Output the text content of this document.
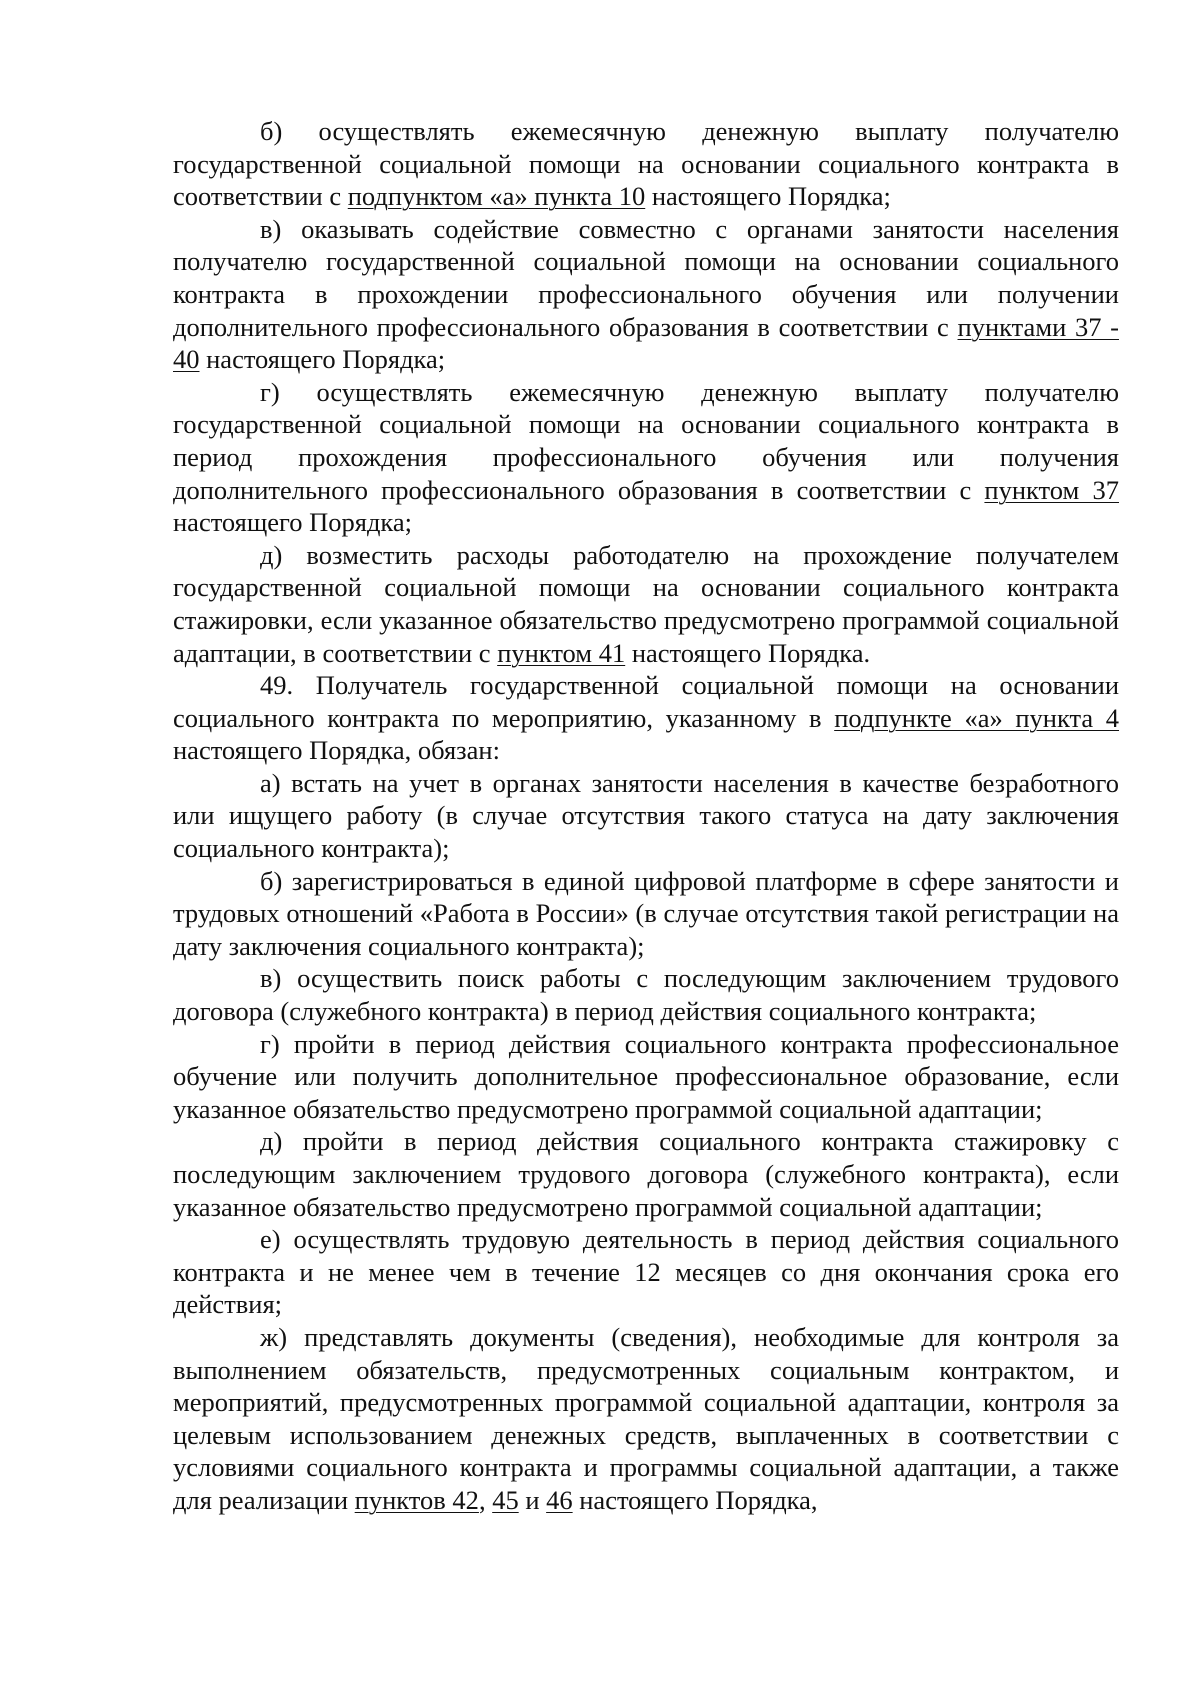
б) осуществлять ежемесячную денежную выплату получателю государственной социальной помощи на основании социального контракта в соответствии с подпунктом «а» пункта 10 настоящего Порядка;

в) оказывать содействие совместно с органами занятости населения получателю государственной социальной помощи на основании социального контракта в прохождении профессионального обучения или получении дополнительного профессионального образования в соответствии с пунктами 37 - 40 настоящего Порядка;

г) осуществлять ежемесячную денежную выплату получателю государственной социальной помощи на основании социального контракта в период прохождения профессионального обучения или получения дополнительного профессионального образования в соответствии с пунктом 37 настоящего Порядка;

д) возместить расходы работодателю на прохождение получателем государственной социальной помощи на основании социального контракта стажировки, если указанное обязательство предусмотрено программой социальной адаптации, в соответствии с пунктом 41 настоящего Порядка.

49. Получатель государственной социальной помощи на основании социального контракта по мероприятию, указанному в подпункте «а» пункта 4 настоящего Порядка, обязан:

а) встать на учет в органах занятости населения в качестве безработного или ищущего работу (в случае отсутствия такого статуса на дату заключения социального контракта);

б) зарегистрироваться в единой цифровой платформе в сфере занятости и трудовых отношений «Работа в России» (в случае отсутствия такой регистрации на дату заключения социального контракта);

в) осуществить поиск работы с последующим заключением трудового договора (служебного контракта) в период действия социального контракта;

г) пройти в период действия социального контракта профессиональное обучение или получить дополнительное профессиональное образование, если указанное обязательство предусмотрено программой социальной адаптации;

д) пройти в период действия социального контракта стажировку с последующим заключением трудового договора (служебного контракта), если указанное обязательство предусмотрено программой социальной адаптации;

е) осуществлять трудовую деятельность в период действия социального контракта и не менее чем в течение 12 месяцев со дня окончания срока его действия;

ж) представлять документы (сведения), необходимые для контроля за выполнением обязательств, предусмотренных социальным контрактом, и мероприятий, предусмотренных программой социальной адаптации, контроля за целевым использованием денежных средств, выплаченных в соответствии с условиями социального контракта и программы социальной адаптации, а также для реализации пунктов 42, 45 и 46 настоящего Порядка,
